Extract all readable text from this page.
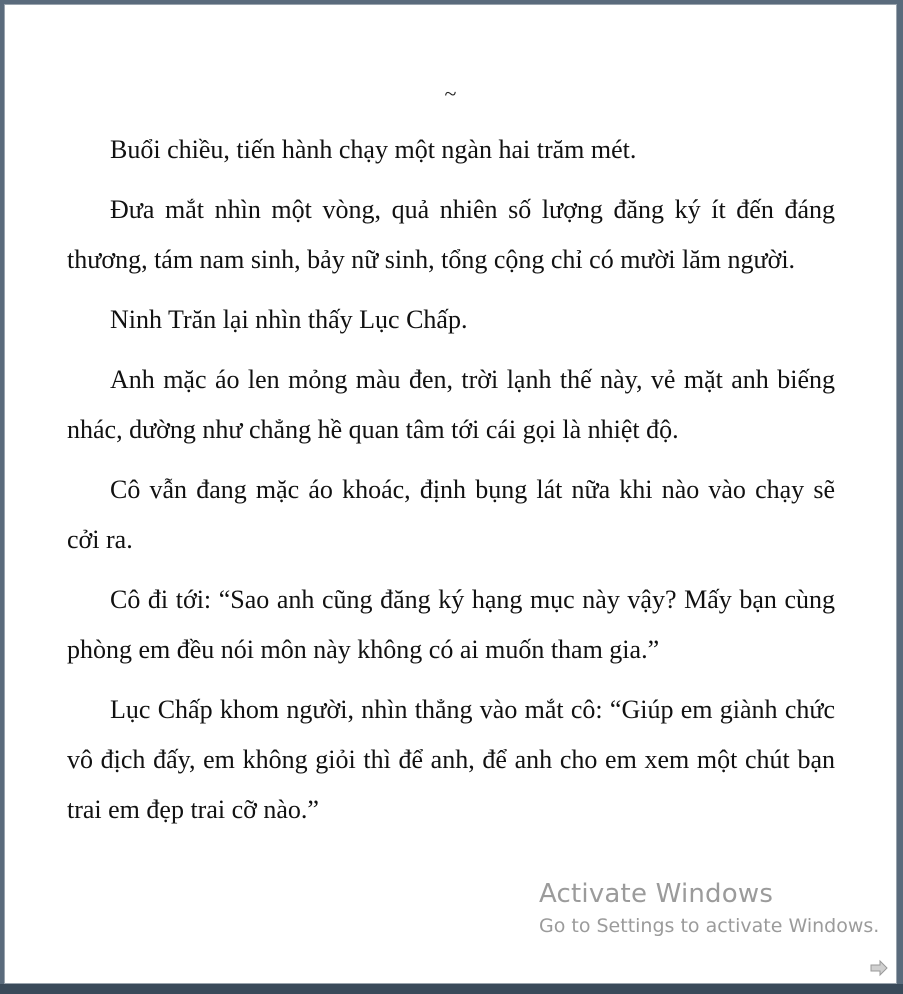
~

Buổi chiều, tiến hành chạy một ngàn hai trăm mét.

Đưa mắt nhìn một vòng, quả nhiên số lượng đăng ký ít đến đáng thương, tám nam sinh, bảy nữ sinh, tổng cộng chỉ có mười lăm người.

Ninh Trăn lại nhìn thấy Lục Chấp.

Anh mặc áo len mỏng màu đen, trời lạnh thế này, vẻ mặt anh biếng nhác, dường như chẳng hề quan tâm tới cái gọi là nhiệt độ.

Cô vẫn đang mặc áo khoác, định bụng lát nữa khi nào vào chạy sẽ cởi ra.

Cô đi tới: “Sao anh cũng đăng ký hạng mục này vậy? Mấy bạn cùng phòng em đều nói môn này không có ai muốn tham gia.”

Lục Chấp khom người, nhìn thẳng vào mắt cô: “Giúp em giành chức vô địch đấy, em không giỏi thì để anh, để anh cho em xem một chút bạn trai em đẹp trai cỡ nào.”

Activate Windows
Go to Settings to activate Windows.
